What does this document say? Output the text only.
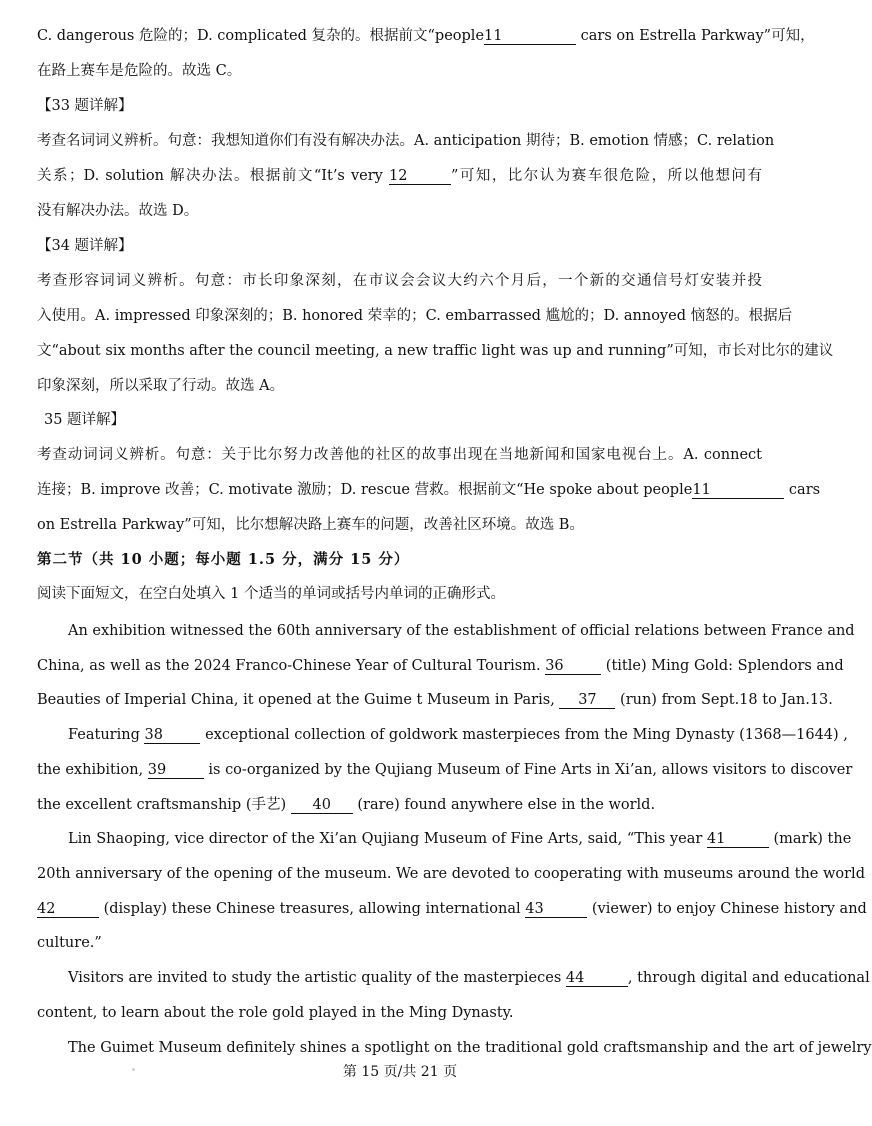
C. dangerous 危险的；D. complicated 复杂的。根据前文“people11	cars on Estrella Parkway”可知，
在路上赛车是危险的。故选 C。
【33 题详解】
考查名词词义辨析。句意：我想知道你们有没有解决办法。A. anticipation 期待；B. emotion 情感；C. relation
关系；D. solution 解决办法。根据前文“It’s very 12	”可知，比尔认为赛车很危险，所以他想问有
没有解决办法。故选 D。
【34 题详解】
考查形容词词义辨析。句意：市长印象深刻，在市议会会议大约六个月后，一个新的交通信号灯安装并投
入使用。A. impressed 印象深刻的；B. honored 荣幸的；C. embarrassed 尴尬的；D. annoyed 恼怒的。根据后
文“about six months after the council meeting, a new traffic light was up and running”可知，市长对比尔的建议
印象深刻，所以采取了行动。故选 A。
35 题详解】
考查动词词义辨析。句意：关于比尔努力改善他的社区的故事出现在当地新闻和国家电视台上。A. connect
连接；B. improve 改善；C. motivate 激励；D. rescue 营救。根据前文“He spoke about people11	cars
on Estrella Parkway”可知，比尔想解决路上赛车的问题，改善社区环境。故选 B。
第二节（共 10 小题；每小题 1.5 分，满分 15 分）
阅读下面短文，在空白处填入 1 个适当的单词或括号内单词的正确形式。
An exhibition witnessed the 60th anniversary of the establishment of official relations between France and
China, as well as the 2024 Franco-Chinese Year of Cultural Tourism. 36	(title) Ming Gold: Splendors and
Beauties of Imperial China, it opened at the Guime t Museum in Paris, 37 (run) from Sept.18 to Jan.13.
Featuring 38	exceptional collection of goldwork masterpieces from the Ming Dynasty (1368—1644) ,
the exhibition, 39	is co-organized by the Qujiang Museum of Fine Arts in Xi’an, allows visitors to discover
the excellent craftsmanship (手艺) 40 (rare) found anywhere else in the world.
Lin Shaoping, vice director of the Xi’an Qujiang Museum of Fine Arts, said, “This year 41	(mark) the
20th anniversary of the opening of the museum. We are devoted to cooperating with museums around the world
42	(display) these Chinese treasures, allowing international 43	(viewer) to enjoy Chinese history and
culture.”
Visitors are invited to study the artistic quality of the masterpieces 44	, through digital and educational
content, to learn about the role gold played in the Ming Dynasty.
The Guimet Museum definitely shines a spotlight on the traditional gold craftsmanship and the art of jewelry
第 15 页/共 21 页
